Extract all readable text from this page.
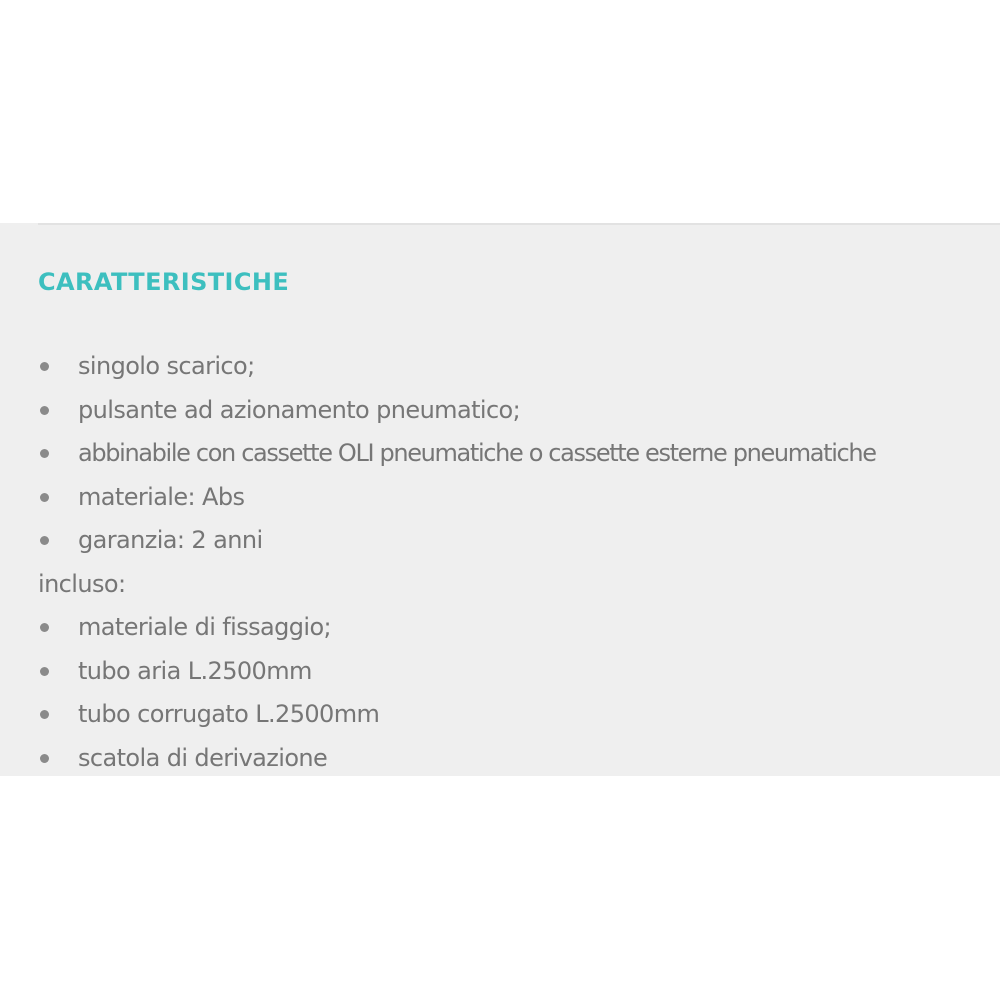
CARATTERISTICHE
singolo scarico;
pulsante ad azionamento pneumatico;
abbinabile con cassette OLI pneumatiche o cassette esterne pneumatiche
materiale: Abs
garanzia: 2 anni
incluso:
materiale di fissaggio;
tubo aria L.2500mm
tubo corrugato L.2500mm
scatola di derivazione
